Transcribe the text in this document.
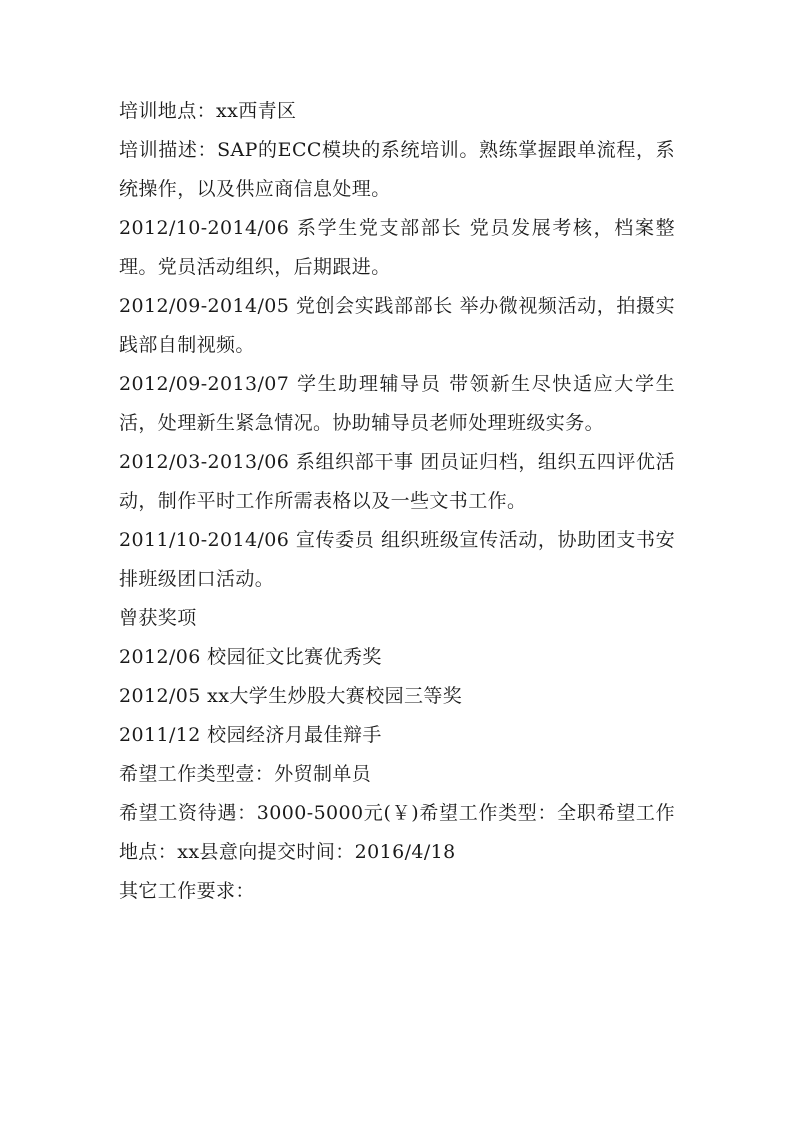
培训地点：xx西青区

培训描述：SAP的ECC模块的系统培训。熟练掌握跟单流程，系统操作，以及供应商信息处理。

2012/10-2014/06 系学生党支部部长 党员发展考核，档案整理。党员活动组织，后期跟进。

2012/09-2014/05 党创会实践部部长 举办微视频活动，拍摄实践部自制视频。

2012/09-2013/07 学生助理辅导员 带领新生尽快适应大学生活，处理新生紧急情况。协助辅导员老师处理班级实务。

2012/03-2013/06 系组织部干事 团员证归档，组织五四评优活动，制作平时工作所需表格以及一些文书工作。

2011/10-2014/06 宣传委员 组织班级宣传活动，协助团支书安排班级团口活动。

曾获奖项

2012/06 校园征文比赛优秀奖

2012/05 xx大学生炒股大赛校园三等奖

2011/12 校园经济月最佳辩手

希望工作类型壹：外贸制单员

希望工资待遇：3000-5000元(￥)希望工作类型：全职希望工作地点：xx县意向提交时间：2016/4/18

其它工作要求：
